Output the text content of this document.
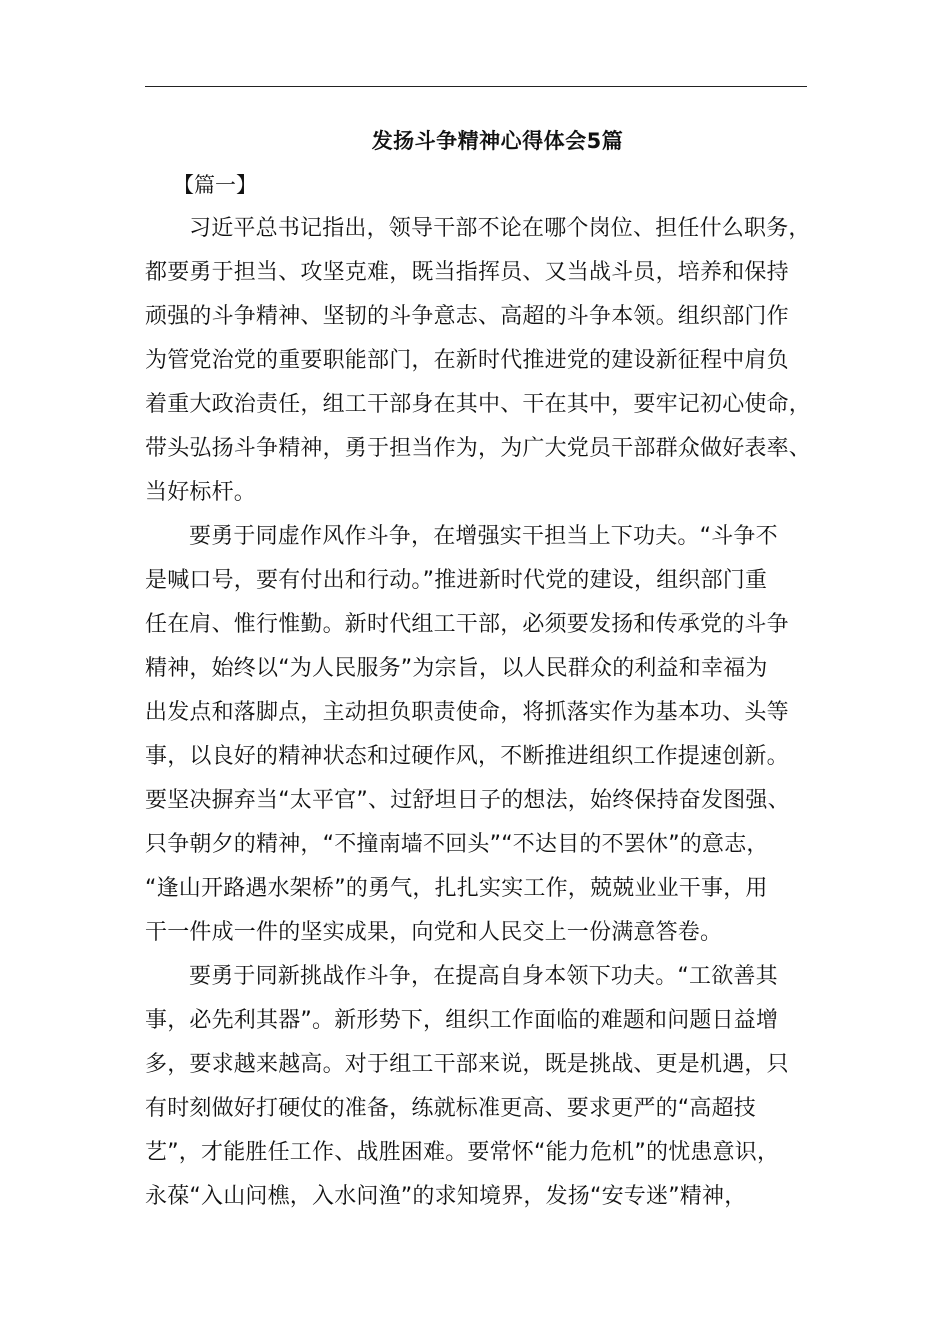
发扬斗争精神心得体会5篇
【篇一】
习近平总书记指出，领导干部不论在哪个岗位、担任什么职务，
都要勇于担当、攻坚克难，既当指挥员、又当战斗员，培养和保持
顽强的斗争精神、坚韧的斗争意志、高超的斗争本领。组织部门作
为管党治党的重要职能部门，在新时代推进党的建设新征程中肩负
着重大政治责任，组工干部身在其中、干在其中，要牢记初心使命，
带头弘扬斗争精神，勇于担当作为，为广大党员干部群众做好表率、
当好标杆。
要勇于同虚作风作斗争，在增强实干担当上下功夫。“斗争不
是喊口号，要有付出和行动。”推进新时代党的建设，组织部门重
任在肩、惟行惟勤。新时代组工干部，必须要发扬和传承党的斗争
精神，始终以“为人民服务”为宗旨，以人民群众的利益和幸福为
出发点和落脚点，主动担负职责使命，将抓落实作为基本功、头等
事，以良好的精神状态和过硬作风，不断推进组织工作提速创新。
要坚决摒弃当“太平官”、过舒坦日子的想法，始终保持奋发图强、
只争朝夕的精神，“不撞南墙不回头”“不达目的不罢休”的意志，
“逢山开路遇水架桥”的勇气，扎扎实实工作，兢兢业业干事，用
干一件成一件的坚实成果，向党和人民交上一份满意答卷。
要勇于同新挑战作斗争，在提高自身本领下功夫。“工欲善其
事，必先利其器”。新形势下，组织工作面临的难题和问题日益增
多，要求越来越高。对于组工干部来说，既是挑战、更是机遇，只
有时刻做好打硬仗的准备，练就标准更高、要求更严的“高超技
艺”，才能胜任工作、战胜困难。要常怀“能力危机”的忧患意识，
永葆“入山问樵，入水问渔”的求知境界，发扬“安专迷”精神，
